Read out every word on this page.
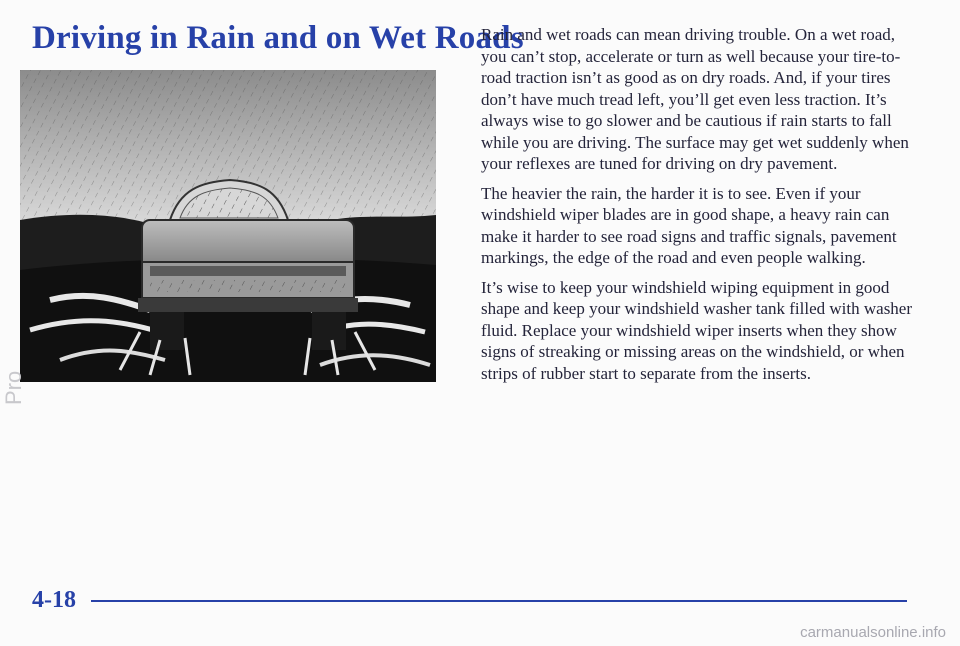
Driving in Rain and on Wet Roads

Rain and wet roads can mean driving trouble. On a wet road, you can’t stop, accelerate or turn as well because your tire-to-road traction isn’t as good as on dry roads. And, if your tires don’t have much tread left, you’ll get even less traction. It’s always wise to go slower and be cautious if rain starts to fall while you are driving. The surface may get wet suddenly when your reflexes are tuned for driving on dry pavement.

The heavier the rain, the harder it is to see. Even if your windshield wiper blades are in good shape, a heavy rain can make it harder to see road signs and traffic signals, pavement markings, the edge of the road and even people walking.

It’s wise to keep your windshield wiping equipment in good shape and keep your windshield washer tank filled with washer fluid. Replace your windshield wiper inserts when they show signs of streaking or missing areas on the windshield, or when strips of rubber start to separate from the inserts.

Pro
4-18
carmanualsonline.info
